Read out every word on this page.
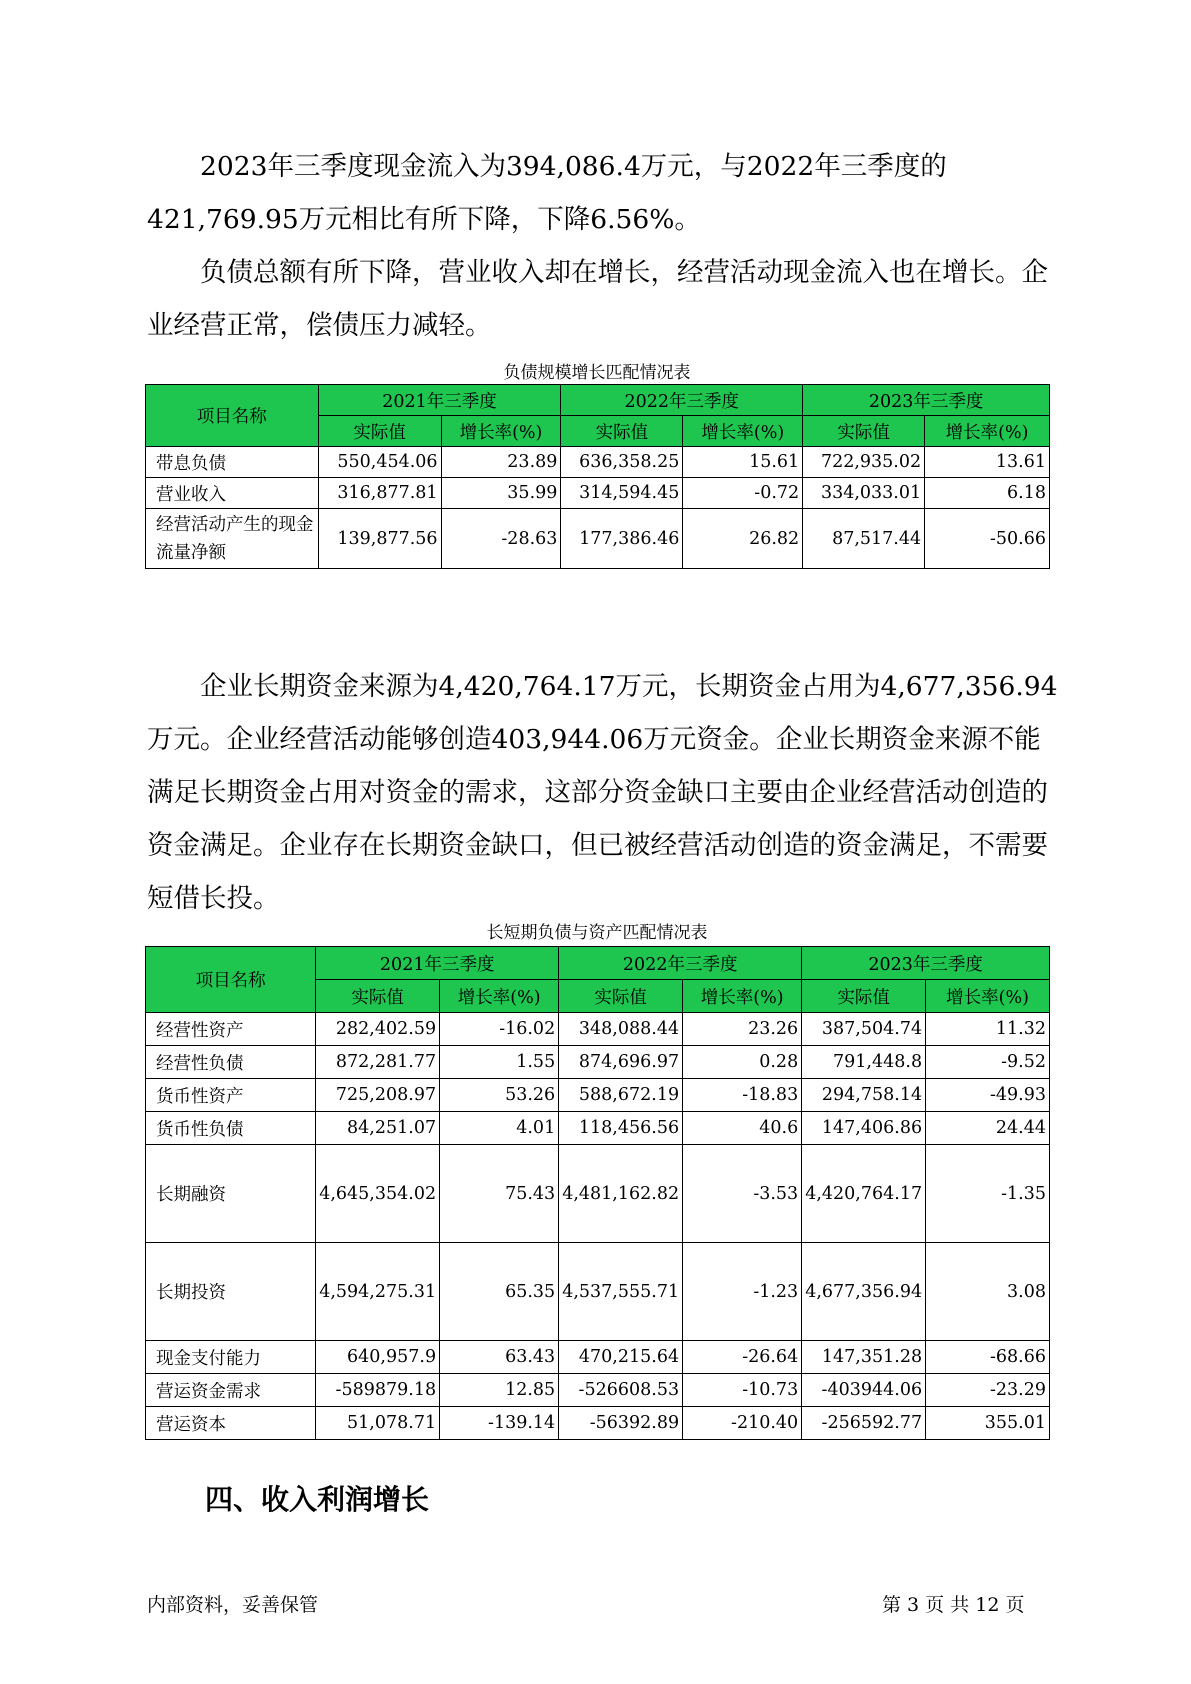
2023年三季度现金流入为394,086.4万元，与2022年三季度的421,769.95万元相比有所下降，下降6.56%。

负债总额有所下降，营业收入却在增长，经营活动现金流入也在增长。企业经营正常，偿债压力减轻。

负债规模增长匹配情况表
项目名称	2021年三季度		2022年三季度		2023年三季度	
	实际值	增长率(%)	实际值	增长率(%)	实际值	增长率(%)
带息负债	550,454.06	23.89	636,358.25	15.61	722,935.02	13.61
营业收入	316,877.81	35.99	314,594.45	-0.72	334,033.01	6.18
经营活动产生的现金流量净额	139,877.56	-28.63	177,386.46	26.82	87,517.44	-50.66

企业长期资金来源为4,420,764.17万元，长期资金占用为4,677,356.94万元。企业经营活动能够创造403,944.06万元资金。企业长期资金来源不能满足长期资金占用对资金的需求，这部分资金缺口主要由企业经营活动创造的资金满足。企业存在长期资金缺口，但已被经营活动创造的资金满足，不需要短借长投。

长短期负债与资产匹配情况表
项目名称	2021年三季度		2022年三季度		2023年三季度	
	实际值	增长率(%)	实际值	增长率(%)	实际值	增长率(%)
经营性资产	282,402.59	-16.02	348,088.44	23.26	387,504.74	11.32
经营性负债	872,281.77	1.55	874,696.97	0.28	791,448.8	-9.52
货币性资产	725,208.97	53.26	588,672.19	-18.83	294,758.14	-49.93
货币性负债	84,251.07	4.01	118,456.56	40.6	147,406.86	24.44
长期融资	4,645,354.02	75.43	4,481,162.82	-3.53	4,420,764.17	-1.35
长期投资	4,594,275.31	65.35	4,537,555.71	-1.23	4,677,356.94	3.08
现金支付能力	640,957.9	63.43	470,215.64	-26.64	147,351.28	-68.66
营运资金需求	-589879.18	12.85	-526608.53	-10.73	-403944.06	-23.29
营运资本	51,078.71	-139.14	-56392.89	-210.40	-256592.77	355.01
四、收入利润增长
内部资料，妥善保管	第 3 页 共 12 页
